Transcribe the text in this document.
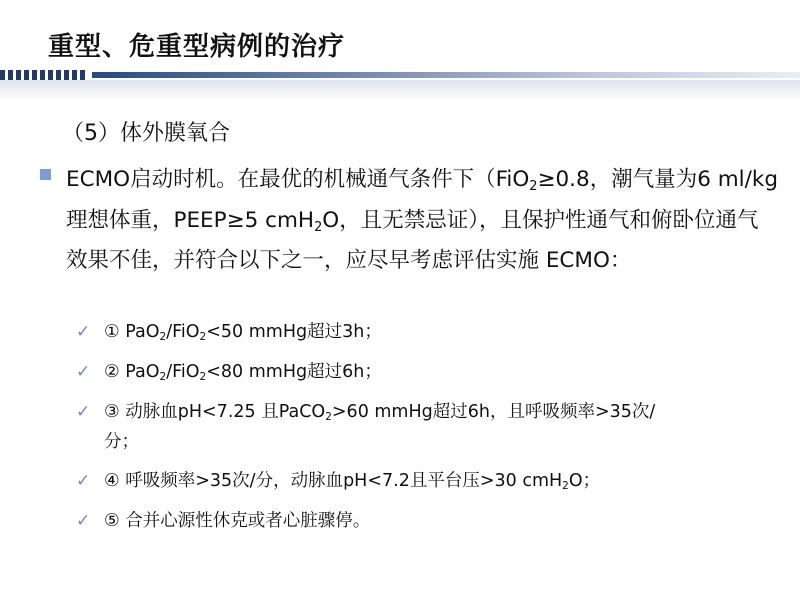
重型、危重型病例的治疗
（5）体外膜氧合
ECMO启动时机。在最优的机械通气条件下（FiO$_2$≥0.8，潮气量为6 ml/kg理想体重，PEEP≥5 cmH$_2$O，且无禁忌证），且保护性通气和俯卧位通气效果不佳，并符合以下之一，应尽早考虑评估实施 ECMO：
✓ ① PaO$_2$/FiO$_2$<50 mmHg超过3h；
✓ ② PaO$_2$/FiO$_2$<80 mmHg超过6h；
✓ ③ 动脉血pH<7.25 且PaCO$_2$>60 mmHg超过6h，且呼吸频率>35次/
分；
✓ ④ 呼吸频率>35次/分，动脉血pH<7.2且平台压>30 cmH$_2$O；
✓ ⑤ 合并心源性休克或者心脏骤停。
